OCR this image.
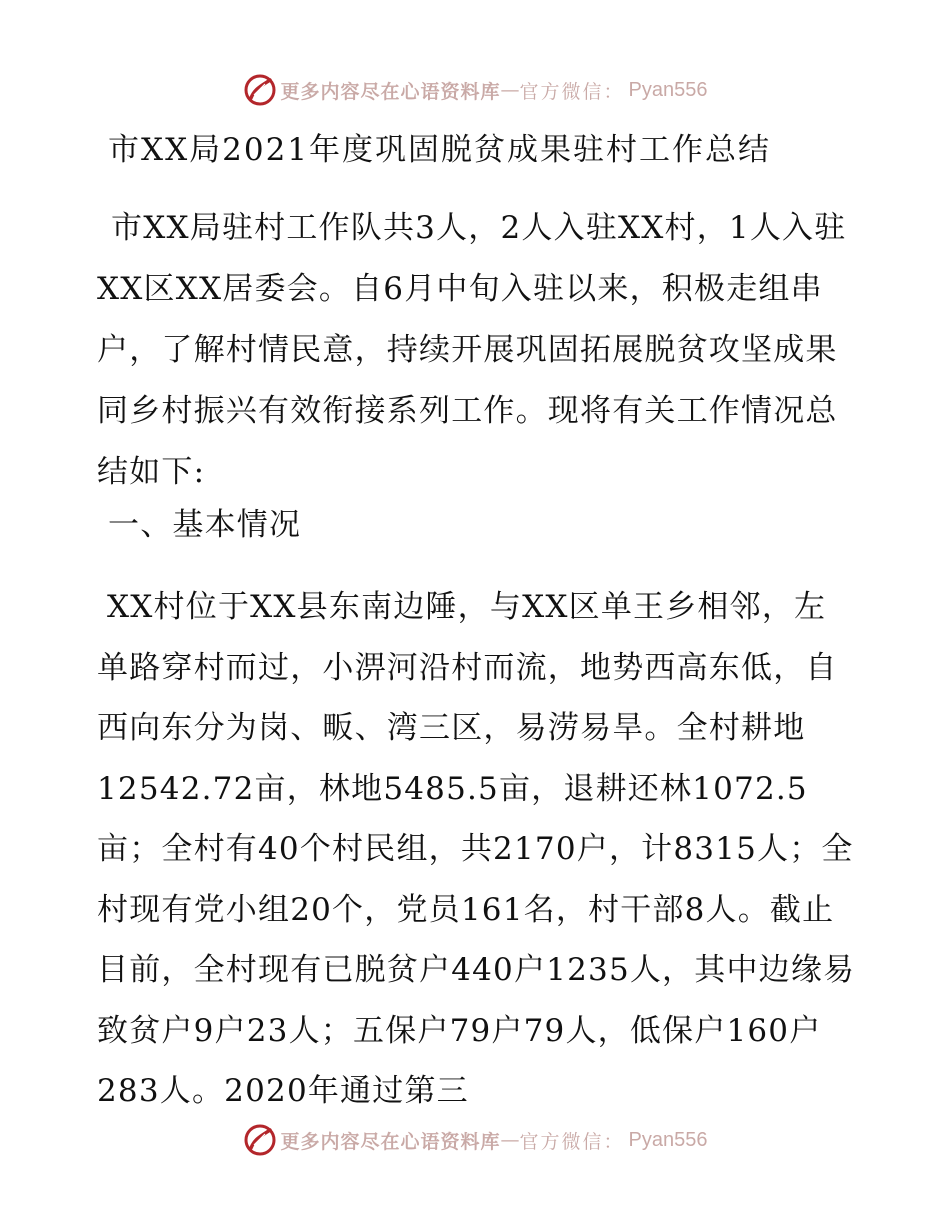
更多内容尽在心语资料库 — 官方微信： Pyan556
市XX局2021年度巩固脱贫成果驻村工作总结
市XX局驻村工作队共3人，2人入驻XX村，1人入驻XX区XX居委会。自6月中旬入驻以来，积极走组串户，了解村情民意，持续开展巩固拓展脱贫攻坚成果同乡村振兴有效衔接系列工作。现将有关工作情况总结如下:
一、基本情况
XX村位于XX县东南边陲，与XX区单王乡相邻，左单路穿村而过，小淠河沿村而流，地势西高东低，自西向东分为岗、畈、湾三区，易涝易旱。全村耕地12542.72亩，林地5485.5亩，退耕还林1072.5亩；全村有40个村民组，共2170户，计8315人；全村现有党小组20个，党员161名，村干部8人。截止目前，全村现有已脱贫户440户1235人，其中边缘易致贫户9户23人；五保户79户79人，低保户160户283人。2020年通过第三
更多内容尽在心语资料库 — 官方微信： Pyan556
